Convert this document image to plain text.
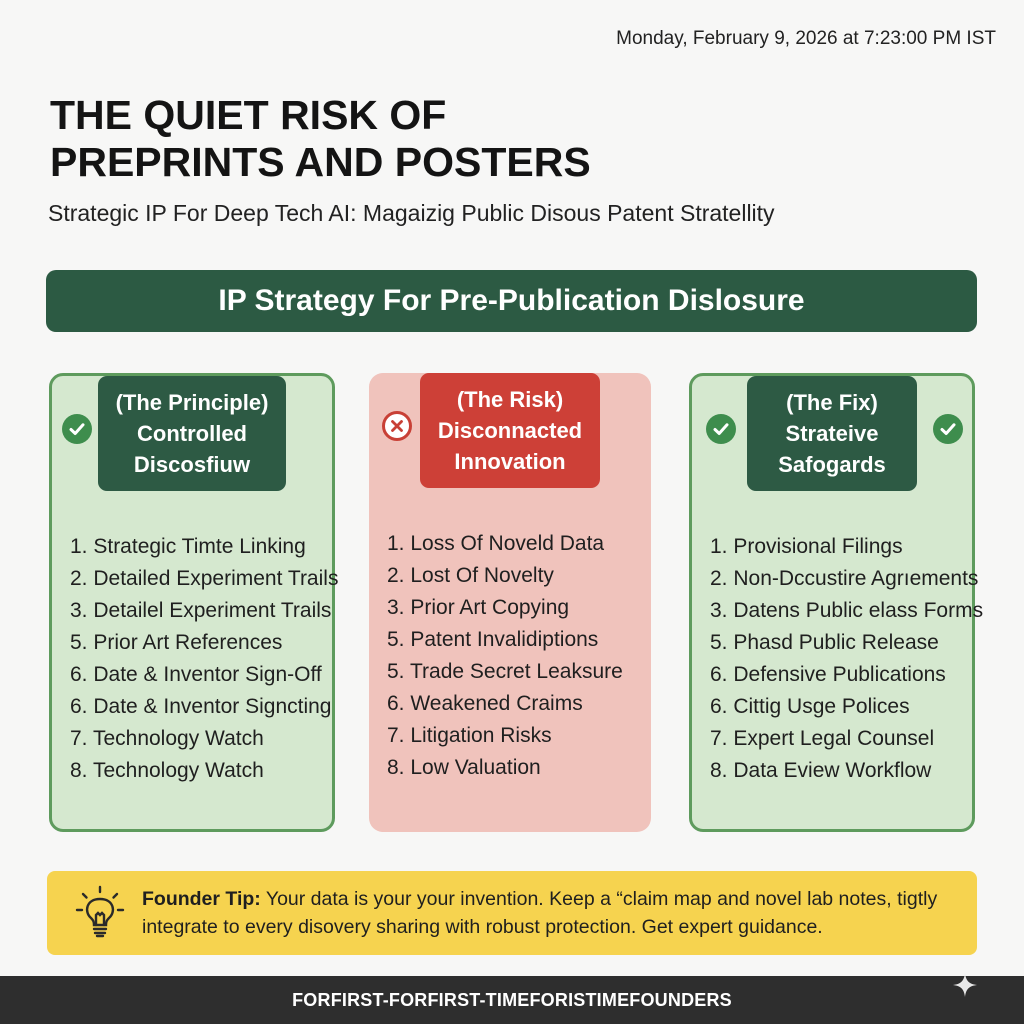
Monday, February 9, 2026 at 7:23:00 PM IST
THE QUIET RISK OF
PREPRINTS AND POSTERS
Strategic IP For Deep Tech AI: Magaizig Public Disous Patent Stratellity
IP Strategy For Pre-Publication Dislosure
(The Principle)
Controlled
Discosfiuw
1. Strategic Timte Linking
2. Detailed Experiment Trails
3. Detailel Experiment Trails
5. Prior Art References
6. Date & Inventor Sign-Off
6. Date & Inventor Signcting
7. Technology Watch
8. Technology Watch
(The Risk)
Disconnacted
Innovation
1. Loss Of Noveld Data
2. Lost Of Novelty
3. Prior Art Copying
5. Patent Invalidiptions
5. Trade Secret Leaksure
6. Weakened Craims
7. Litigation Risks
8. Low Valuation
(The Fix)
Strateive
Safogards
1. Provisional Filings
2. Non-Dccustire Agrıements
3. Datens Public elass Forms
5. Phasd Public Release
6. Defensive Publications
6. Cittig Usge Polices
7. Expert Legal Counsel
8. Data Eview Workflow
Founder Tip: Your data is your your invention. Keep a “claim map and novel lab notes, tigtly integrate to every disovery sharing with robust protection. Get expert guidance.
FORFIRST-FORFIRST-TIMEFORISTIMEFOUNDERS
